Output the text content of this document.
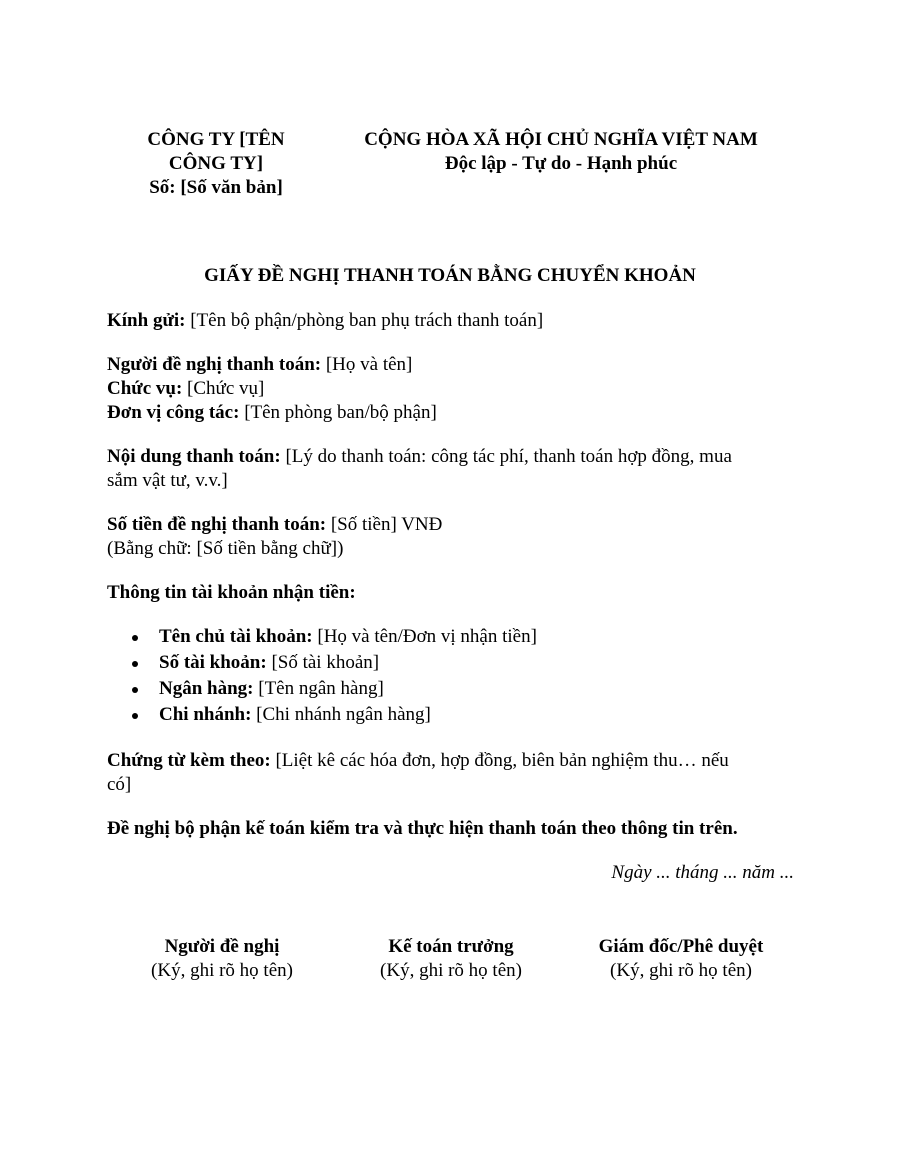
CÔNG TY [TÊN
CÔNG TY]
Số: [Số văn bản]
CỘNG HÒA XÃ HỘI CHỦ NGHĨA VIỆT NAM
Độc lập - Tự do - Hạnh phúc
GIẤY ĐỀ NGHỊ THANH TOÁN BẰNG CHUYỂN KHOẢN
Kính gửi: [Tên bộ phận/phòng ban phụ trách thanh toán]
Người đề nghị thanh toán: [Họ và tên]
Chức vụ: [Chức vụ]
Đơn vị công tác: [Tên phòng ban/bộ phận]
Nội dung thanh toán: [Lý do thanh toán: công tác phí, thanh toán hợp đồng, mua
sắm vật tư, v.v.]
Số tiền đề nghị thanh toán: [Số tiền] VNĐ
(Bằng chữ: [Số tiền bằng chữ])
Thông tin tài khoản nhận tiền:
Tên chủ tài khoản: [Họ và tên/Đơn vị nhận tiền]
Số tài khoản: [Số tài khoản]
Ngân hàng: [Tên ngân hàng]
Chi nhánh: [Chi nhánh ngân hàng]
Chứng từ kèm theo: [Liệt kê các hóa đơn, hợp đồng, biên bản nghiệm thu… nếu
có]
Đề nghị bộ phận kế toán kiểm tra và thực hiện thanh toán theo thông tin trên.
Ngày ... tháng ... năm ...
Người đề nghị
(Ký, ghi rõ họ tên)
Kế toán trưởng
(Ký, ghi rõ họ tên)
Giám đốc/Phê duyệt
(Ký, ghi rõ họ tên)
